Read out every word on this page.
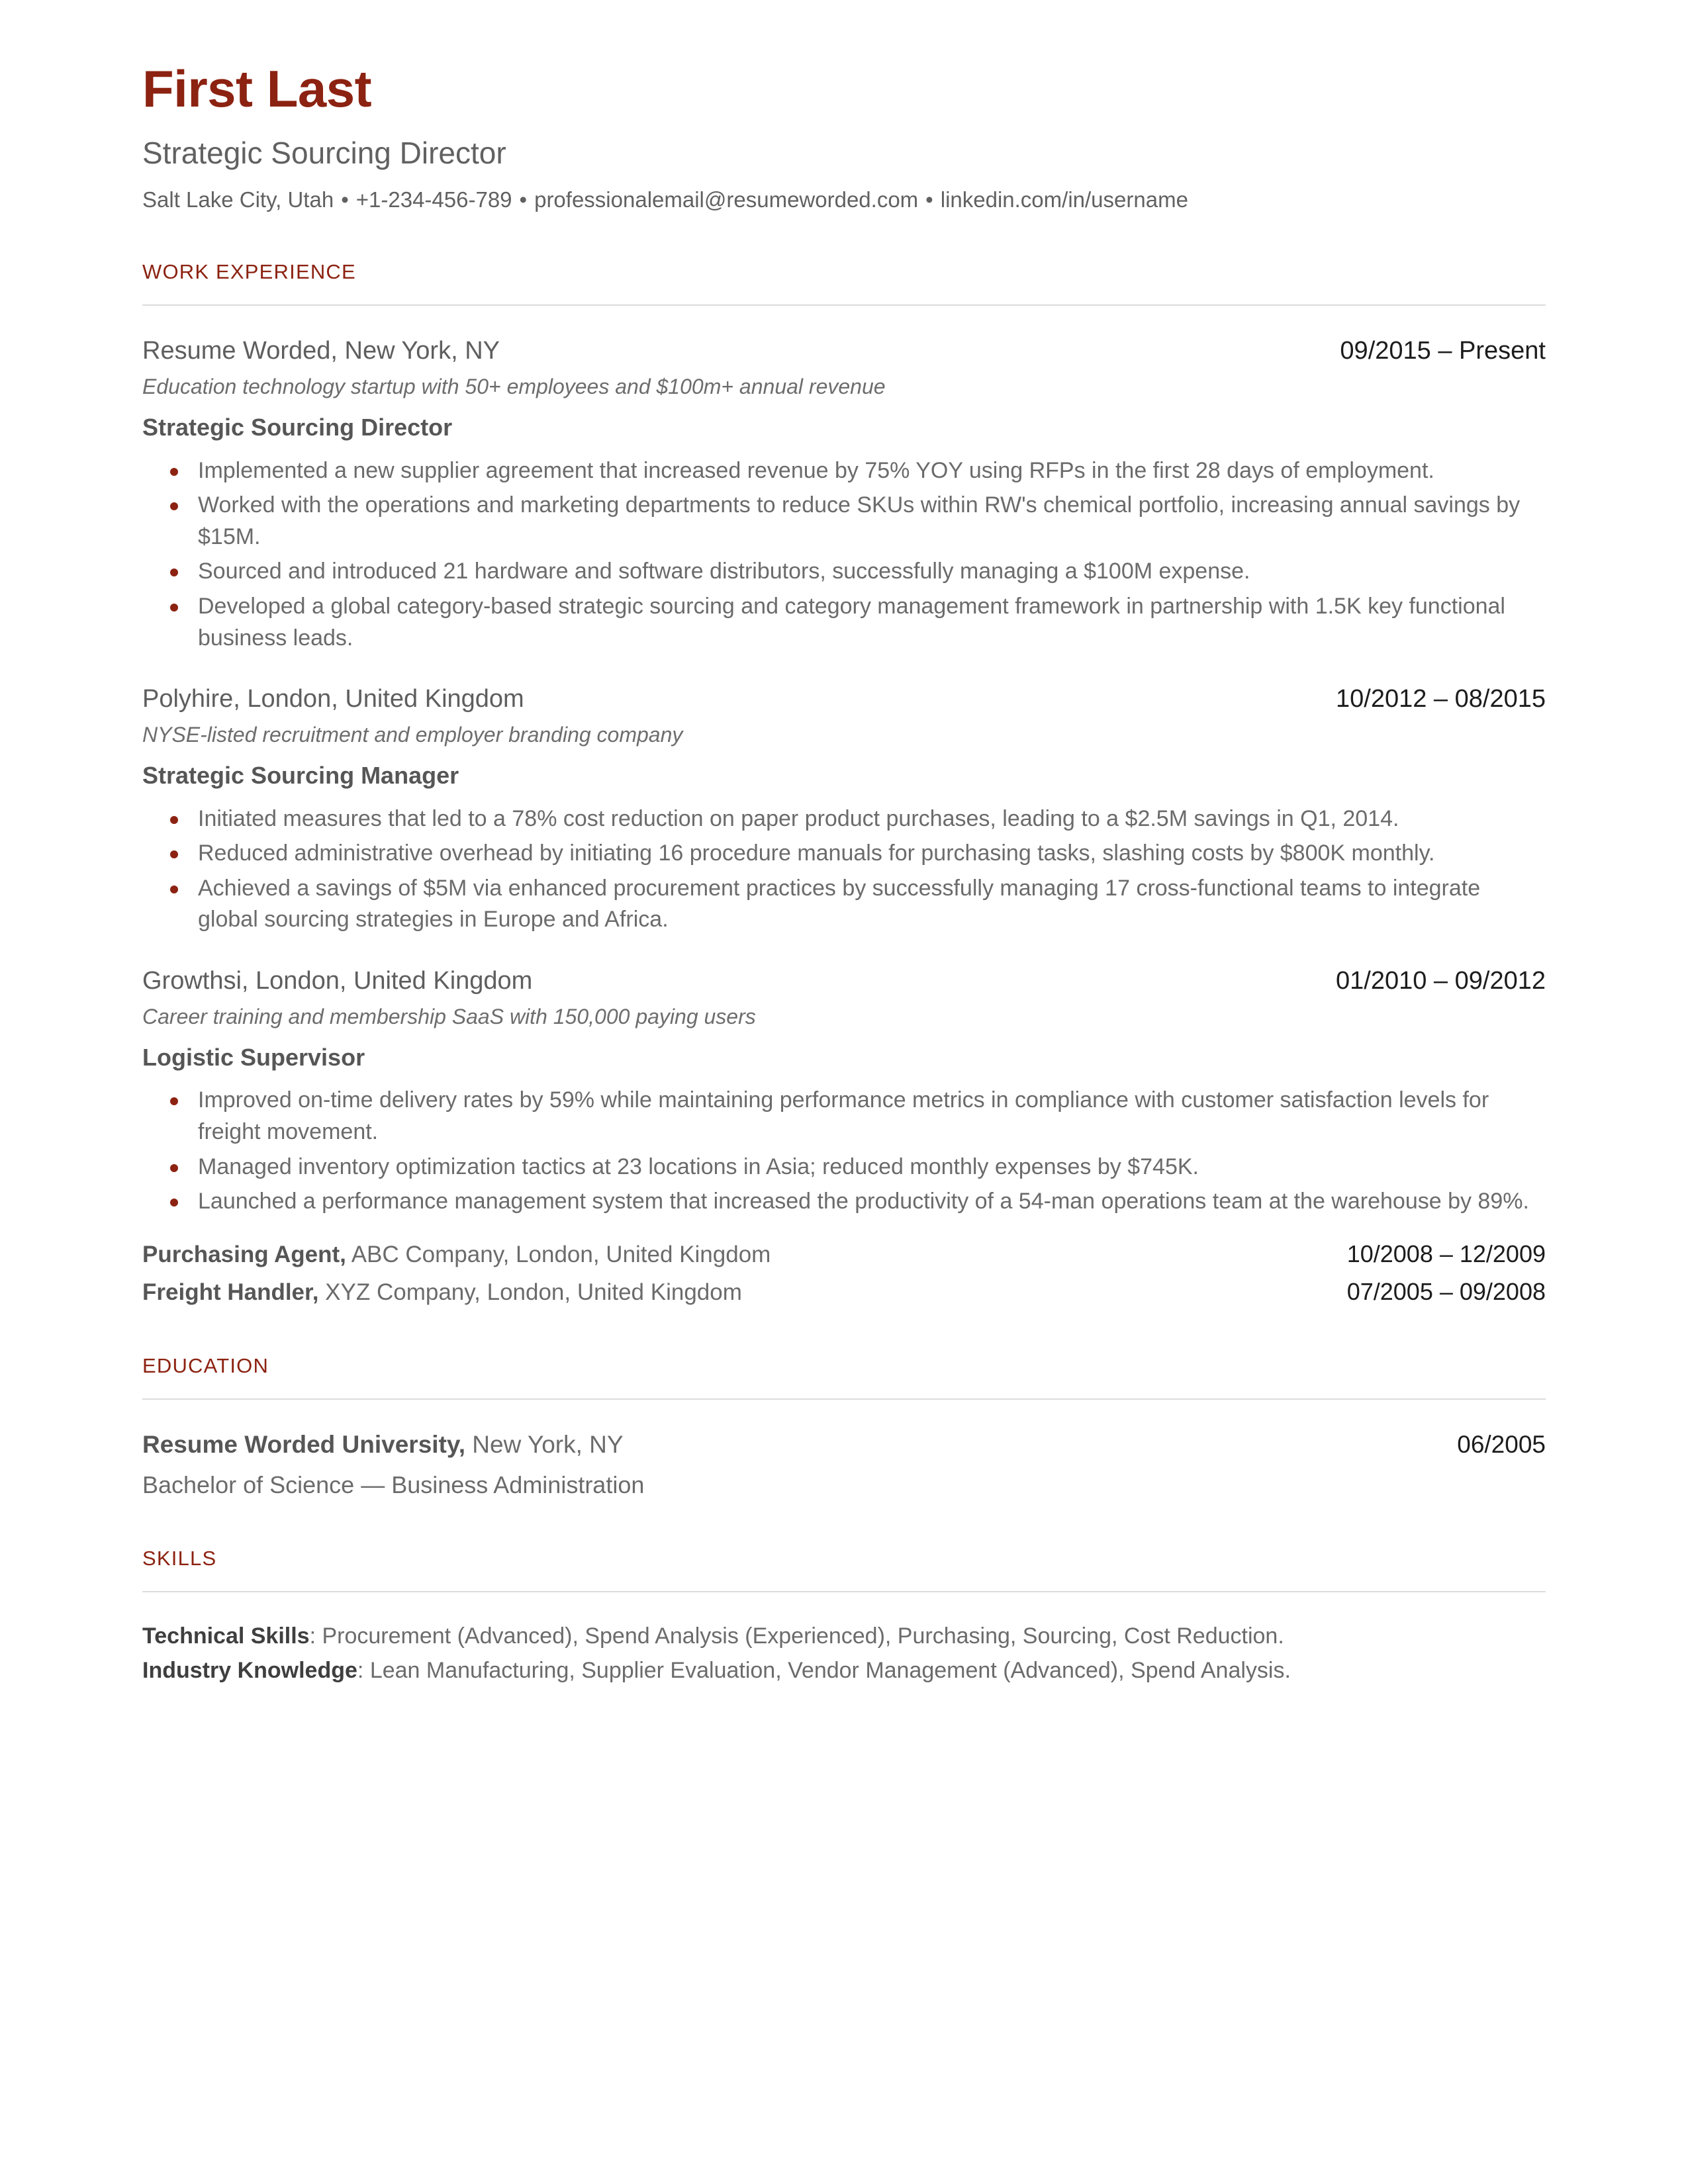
First Last
Strategic Sourcing Director
Salt Lake City, Utah • +1-234-456-789 • professionalemail@resumeworded.com • linkedin.com/in/username
WORK EXPERIENCE
Resume Worded, New York, NY	09/2015 – Present
Education technology startup with 50+ employees and $100m+ annual revenue
Strategic Sourcing Director
Implemented a new supplier agreement that increased revenue by 75% YOY using RFPs in the first 28 days of employment.
Worked with the operations and marketing departments to reduce SKUs within RW's chemical portfolio, increasing annual savings by $15M.
Sourced and introduced 21 hardware and software distributors, successfully managing a $100M expense.
Developed a global category-based strategic sourcing and category management framework in partnership with 1.5K key functional business leads.
Polyhire, London, United Kingdom	10/2012 – 08/2015
NYSE-listed recruitment and employer branding company
Strategic Sourcing Manager
Initiated measures that led to a 78% cost reduction on paper product purchases, leading to a $2.5M savings in Q1, 2014.
Reduced administrative overhead by initiating 16 procedure manuals for purchasing tasks, slashing costs by $800K monthly.
Achieved a savings of $5M via enhanced procurement practices by successfully managing 17 cross-functional teams to integrate global sourcing strategies in Europe and Africa.
Growthsi, London, United Kingdom	01/2010 – 09/2012
Career training and membership SaaS with 150,000 paying users
Logistic Supervisor
Improved on-time delivery rates by 59% while maintaining performance metrics in compliance with customer satisfaction levels for freight movement.
Managed inventory optimization tactics at 23 locations in Asia; reduced monthly expenses by $745K.
Launched a performance management system that increased the productivity of a 54-man operations team at the warehouse by 89%.
Purchasing Agent, ABC Company, London, United Kingdom	10/2008 – 12/2009
Freight Handler, XYZ Company, London, United Kingdom	07/2005 – 09/2008
EDUCATION
Resume Worded University, New York, NY	06/2005
Bachelor of Science — Business Administration
SKILLS
Technical Skills: Procurement (Advanced), Spend Analysis (Experienced), Purchasing, Sourcing, Cost Reduction.
Industry Knowledge: Lean Manufacturing, Supplier Evaluation, Vendor Management (Advanced), Spend Analysis.
